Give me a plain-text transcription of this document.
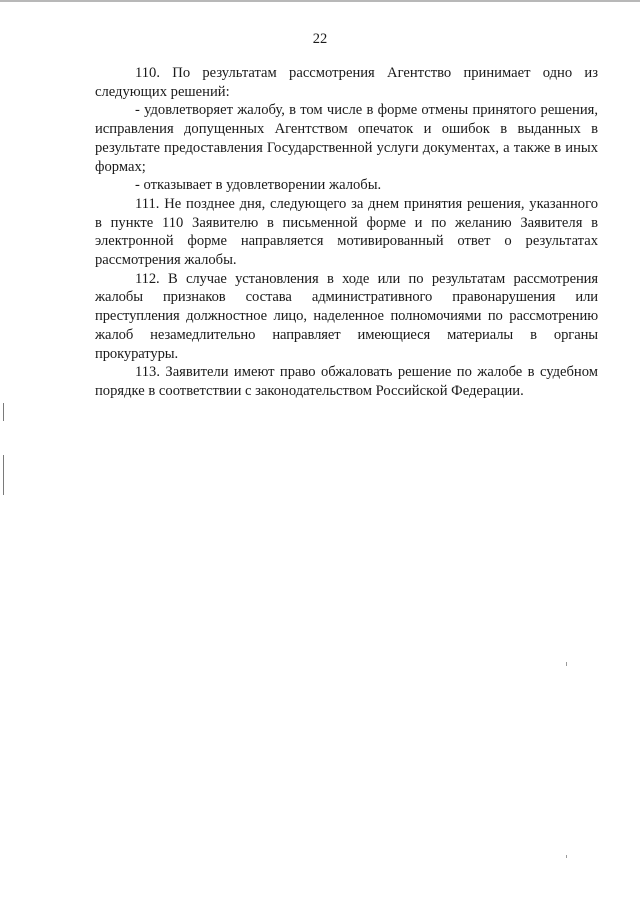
22

110. По результатам рассмотрения Агентство принимает одно из следующих решений:

- удовлетворяет жалобу, в том числе в форме отмены принятого решения, исправления допущенных Агентством опечаток и ошибок в выданных в результате предоставления Государственной услуги документах, а также в иных формах;

- отказывает в удовлетворении жалобы.

111. Не позднее дня, следующего за днем принятия решения, указанного в пункте 110 Заявителю в письменной форме и по желанию Заявителя в электронной форме направляется мотивированный ответ о результатах рассмотрения жалобы.

112. В случае установления в ходе или по результатам рассмотрения жалобы признаков состава административного правонарушения или преступления должностное лицо, наделенное полномочиями по рассмотрению жалоб незамедлительно направляет имеющиеся материалы в органы прокуратуры.

113. Заявители имеют право обжаловать решение по жалобе в судебном порядке в соответствии с законодательством Российской Федерации.
